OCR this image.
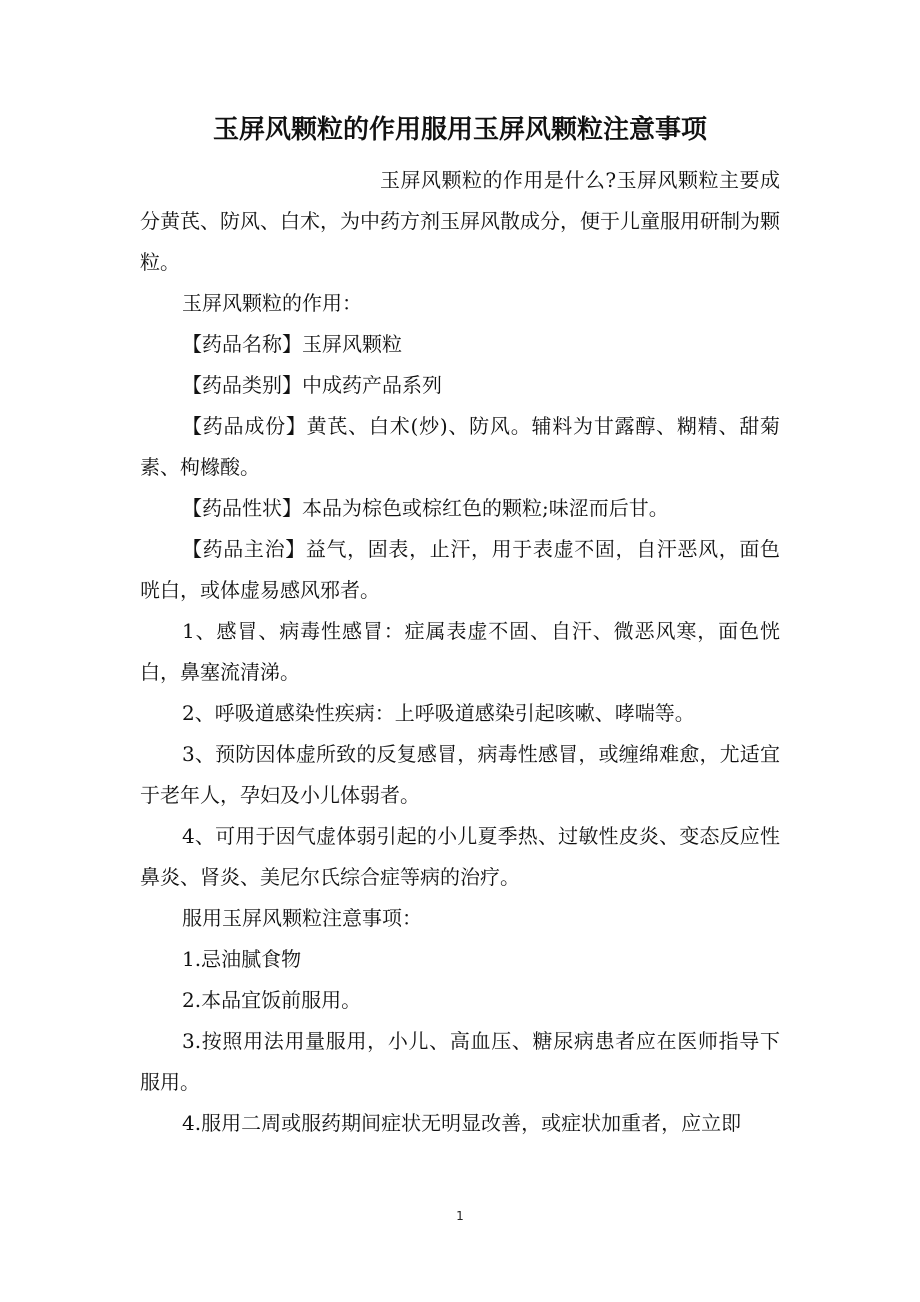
玉屏风颗粒的作用服用玉屏风颗粒注意事项

玉屏风颗粒的作用是什么?玉屏风颗粒主要成分黄芪、防风、白术，为中药方剂玉屏风散成分，便于儿童服用研制为颗粒。

玉屏风颗粒的作用：

【药品名称】玉屏风颗粒

【药品类别】中成药产品系列

【药品成份】黄芪、白术(炒)、防风。辅料为甘露醇、糊精、甜菊素、枸橼酸。

【药品性状】本品为棕色或棕红色的颗粒;味涩而后甘。

【药品主治】益气，固表，止汗，用于表虚不固，自汗恶风，面色咣白，或体虚易感风邪者。

1、感冒、病毒性感冒：症属表虚不固、自汗、微恶风寒，面色恍白，鼻塞流清涕。

2、呼吸道感染性疾病：上呼吸道感染引起咳嗽、哮喘等。

3、预防因体虚所致的反复感冒，病毒性感冒，或缠绵难愈，尤适宜于老年人，孕妇及小儿体弱者。

4、可用于因气虚体弱引起的小儿夏季热、过敏性皮炎、变态反应性鼻炎、肾炎、美尼尔氏综合症等病的治疗。

服用玉屏风颗粒注意事项：

1.忌油腻食物

2.本品宜饭前服用。

3.按照用法用量服用，小儿、高血压、糖尿病患者应在医师指导下服用。

4.服用二周或服药期间症状无明显改善，或症状加重者，应立即

1
